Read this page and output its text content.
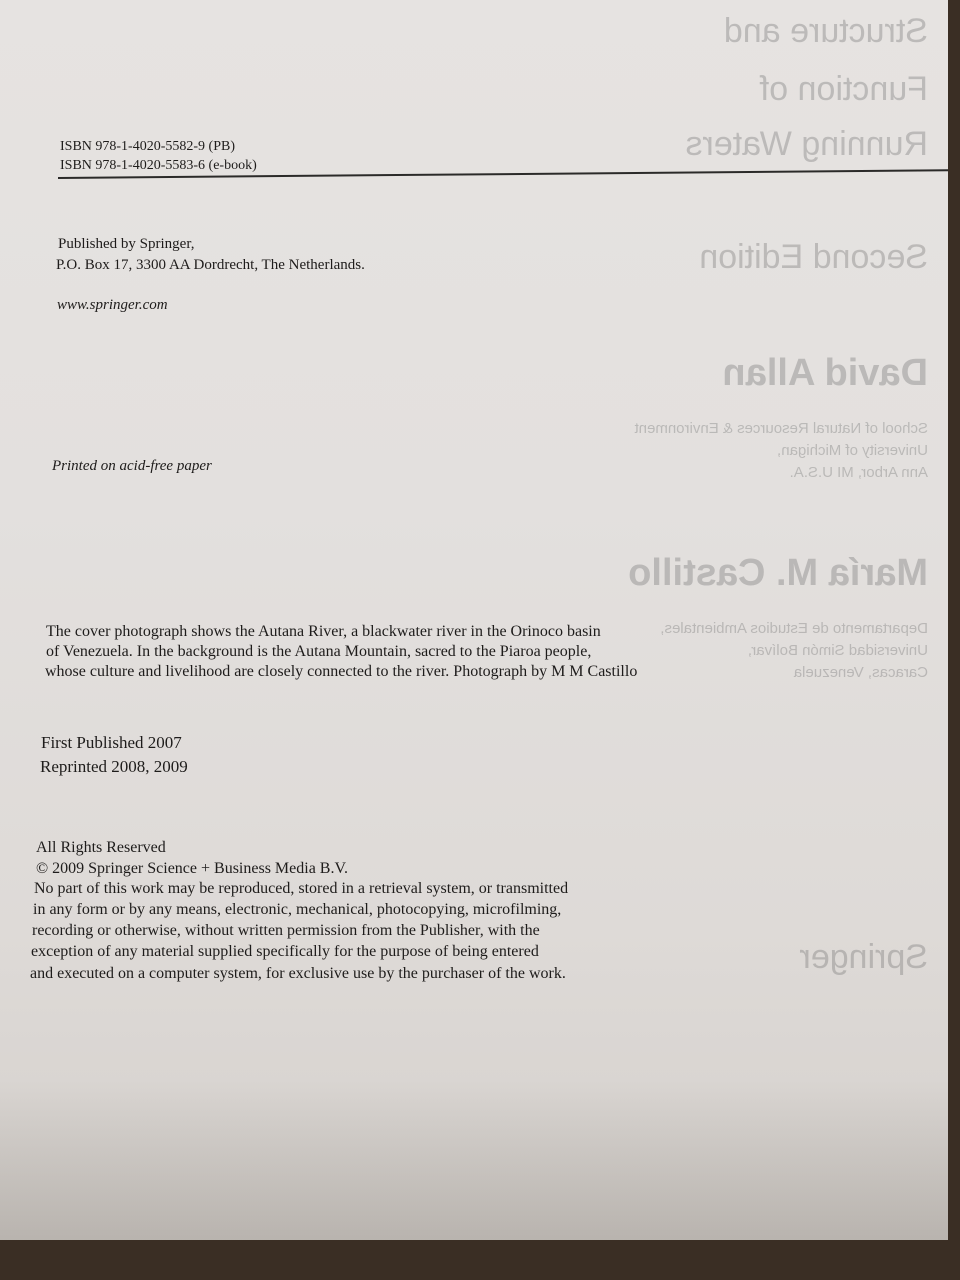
Structure and
Function of
Running Waters
Second Edition
David Allan
School of Natural Resources & Environment
University of Michigan,
Ann Arbor, MI U.S.A.
María M. Castillo
Departamento de Estudios Ambientales,
Universidad Simón Bolívar,
Caracas, Venezuela
Springer
ISBN 978-1-4020-5582-9 (PB)
ISBN 978-1-4020-5583-6 (e-book)
Published by Springer,
P.O. Box 17, 3300 AA Dordrecht, The Netherlands.
www.springer.com
Printed on acid-free paper
The cover photograph shows the Autana River, a blackwater river in the Orinoco basin
of Venezuela. In the background is the Autana Mountain, sacred to the Piaroa people,
whose culture and livelihood are closely connected to the river. Photograph by M M Castillo
First Published 2007
Reprinted 2008, 2009
All Rights Reserved
© 2009 Springer Science + Business Media B.V.
No part of this work may be reproduced, stored in a retrieval system, or transmitted
in any form or by any means, electronic, mechanical, photocopying, microfilming,
recording or otherwise, without written permission from the Publisher, with the
exception of any material supplied specifically for the purpose of being entered
and executed on a computer system, for exclusive use by the purchaser of the work.
